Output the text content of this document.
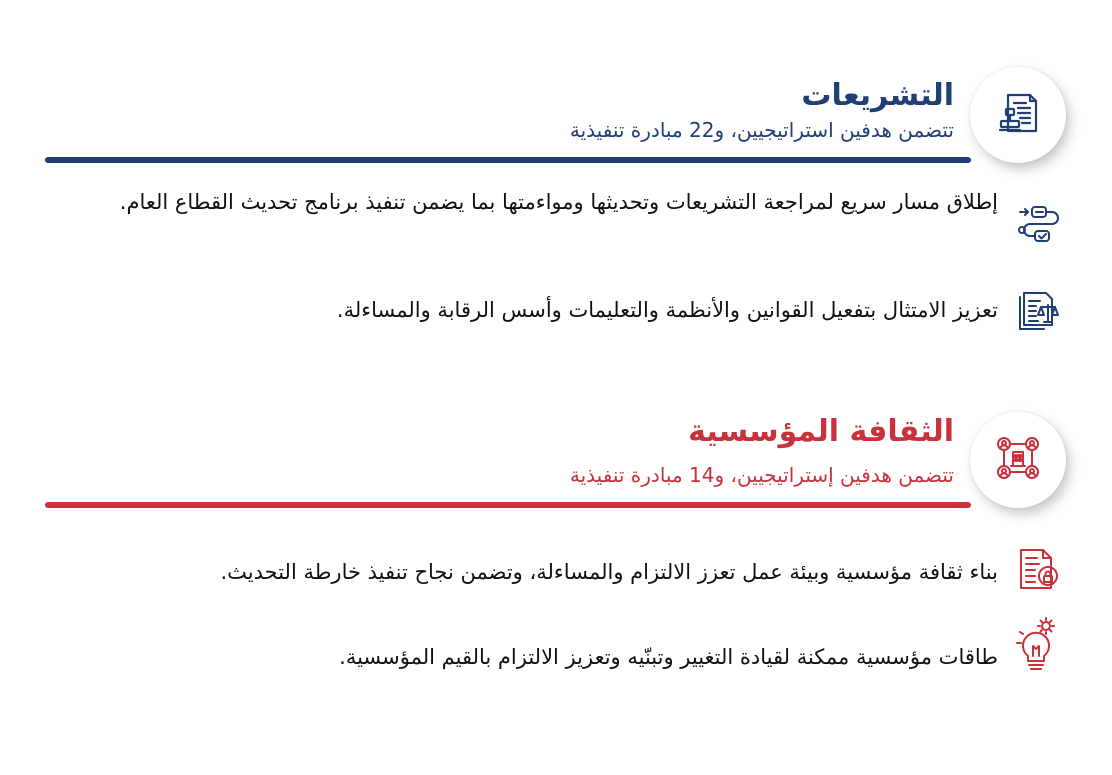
التشريعات

تتضمن هدفين استراتيجيين، و22 مبادرة تنفيذية

إطلاق مسار سريع لمراجعة التشريعات وتحديثها ومواءمتها بما يضمن تنفيذ برنامج تحديث القطاع العام.

تعزيز الامتثال بتفعيل القوانين والأنظمة والتعليمات وأسس الرقابة والمساءلة.

الثقافة المؤسسية

تتضمن هدفين إستراتيجيين، و14 مبادرة تنفيذية

بناء ثقافة مؤسسية وبيئة عمل تعزز الالتزام والمساءلة، وتضمن نجاح تنفيذ خارطة التحديث.

طاقات مؤسسية ممكنة لقيادة التغيير وتبنّيه وتعزيز الالتزام بالقيم المؤسسية.
